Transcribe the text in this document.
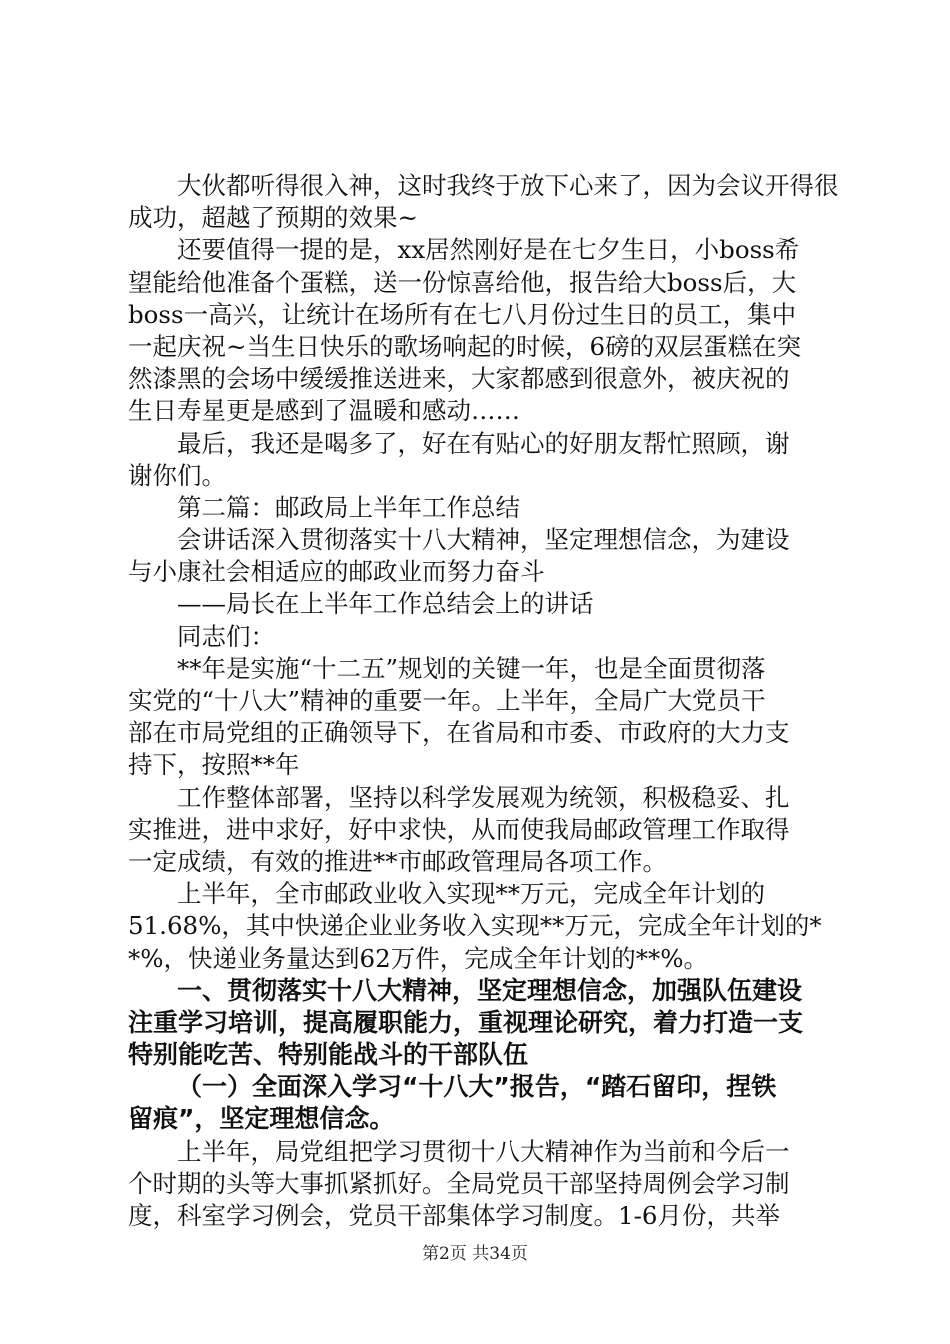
大伙都听得很入神，这时我终于放下心来了，因为会议开得很
成功，超越了预期的效果~
还要值得一提的是，xx居然刚好是在七夕生日，小boss希
望能给他准备个蛋糕，送一份惊喜给他，报告给大boss后，大
boss一高兴，让统计在场所有在七八月份过生日的员工，集中
一起庆祝~当生日快乐的歌场响起的时候，6磅的双层蛋糕在突
然漆黑的会场中缓缓推送进来，大家都感到很意外，被庆祝的
生日寿星更是感到了温暖和感动……
最后，我还是喝多了，好在有贴心的好朋友帮忙照顾，谢
谢你们。
第二篇：邮政局上半年工作总结
会讲话深入贯彻落实十八大精神，坚定理想信念，为建设
与小康社会相适应的邮政业而努力奋斗
——局长在上半年工作总结会上的讲话
同志们：
**年是实施“十二五”规划的关键一年，也是全面贯彻落
实党的“十八大”精神的重要一年。上半年，全局广大党员干
部在市局党组的正确领导下，在省局和市委、市政府的大力支
持下，按照**年
工作整体部署，坚持以科学发展观为统领，积极稳妥、扎
实推进，进中求好，好中求快，从而使我局邮政管理工作取得
一定成绩，有效的推进**市邮政管理局各项工作。
上半年，全市邮政业收入实现**万元，完成全年计划的
51.68%，其中快递企业业务收入实现**万元，完成全年计划的*
*%，快递业务量达到62万件，完成全年计划的**%。
一、贯彻落实十八大精神，坚定理想信念，加强队伍建设
注重学习培训，提高履职能力，重视理论研究，着力打造一支
特别能吃苦、特别能战斗的干部队伍
（一）全面深入学习“十八大”报告，“踏石留印，捏铁
留痕”，坚定理想信念。
上半年，局党组把学习贯彻十八大精神作为当前和今后一
个时期的头等大事抓紧抓好。全局党员干部坚持周例会学习制
度，科室学习例会，党员干部集体学习制度。1-6月份，共举
第2页 共34页
